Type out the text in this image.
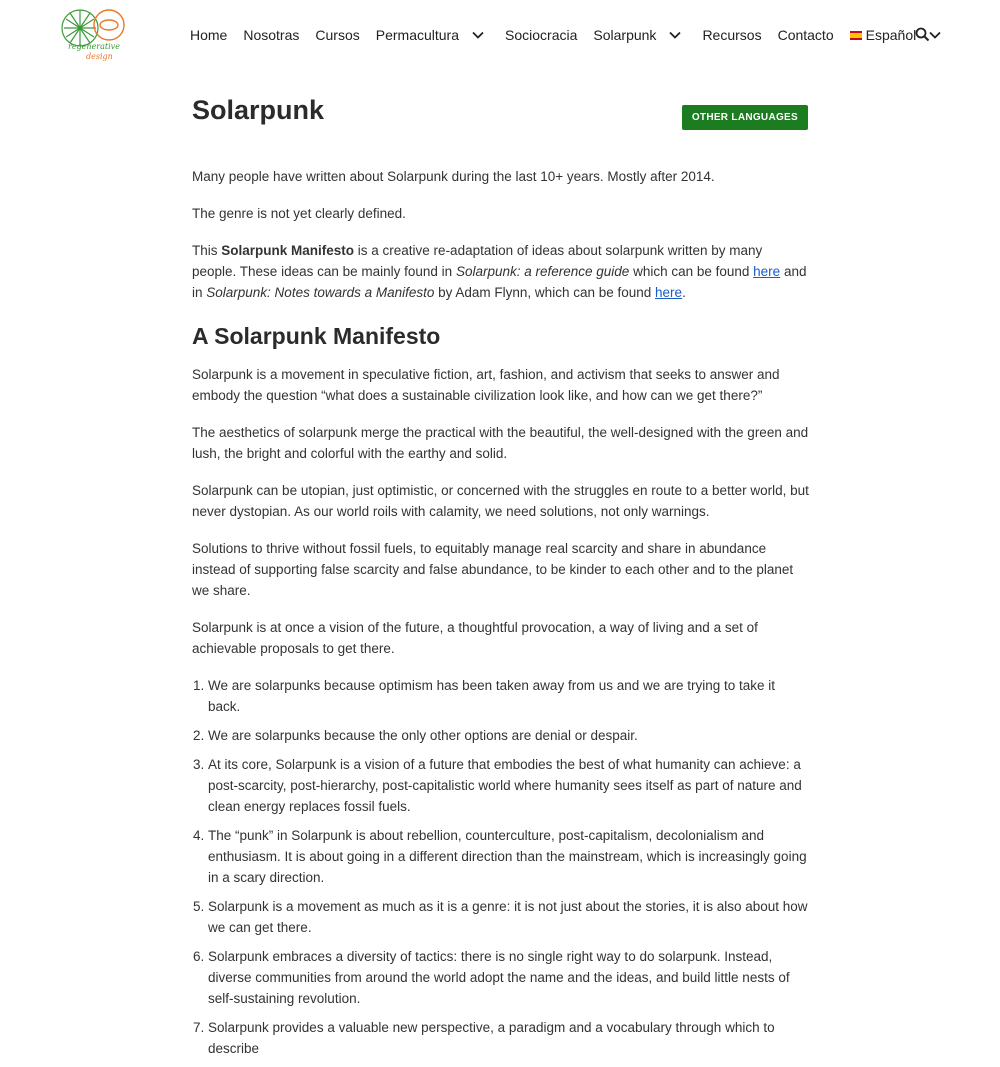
regenerative
design
Home Nosotras Cursos Permacultura	Sociocracia Solarpunk	Recursos Contacto Español
Solarpunk	OTHER LANGUAGES

Many people have written about Solarpunk during the last 10+ years. Mostly after 2014.

The genre is not yet clearly defined.

This Solarpunk Manifesto is a creative re-adaptation of ideas about solarpunk written by many people. These ideas can be mainly found in Solarpunk: a reference guide which can be found here and in Solarpunk: Notes towards a Manifesto by Adam Flynn, which can be found here.

A Solarpunk Manifesto

Solarpunk is a movement in speculative fiction, art, fashion, and activism that seeks to answer and embody the question “what does a sustainable civilization look like, and how can we get there?”

The aesthetics of solarpunk merge the practical with the beautiful, the well-designed with the green and lush, the bright and colorful with the earthy and solid.

Solarpunk can be utopian, just optimistic, or concerned with the struggles en route to a better world, but never dystopian. As our world roils with calamity, we need solutions, not only warnings.

Solutions to thrive without fossil fuels, to equitably manage real scarcity and share in abundance instead of supporting false scarcity and false abundance, to be kinder to each other and to the planet we share.

Solarpunk is at once a vision of the future, a thoughtful provocation, a way of living and a set of achievable proposals to get there.

1. We are solarpunks because optimism has been taken away from us and we are trying to take it back.
2. We are solarpunks because the only other options are denial or despair.
3. At its core, Solarpunk is a vision of a future that embodies the best of what humanity can achieve: a post-scarcity, post-hierarchy, post-capitalistic world where humanity sees itself as part of nature and clean energy replaces fossil fuels.
4. The “punk” in Solarpunk is about rebellion, counterculture, post-capitalism, decolonialism and enthusiasm. It is about going in a different direction than the mainstream, which is increasingly going in a scary direction.
5. Solarpunk is a movement as much as it is a genre: it is not just about the stories, it is also about how we can get there.
6. Solarpunk embraces a diversity of tactics: there is no single right way to do solarpunk. Instead, diverse communities from around the world adopt the name and the ideas, and build little nests of self-sustaining revolution.
7. Solarpunk provides a valuable new perspective, a paradigm and a vocabulary through which to describe
